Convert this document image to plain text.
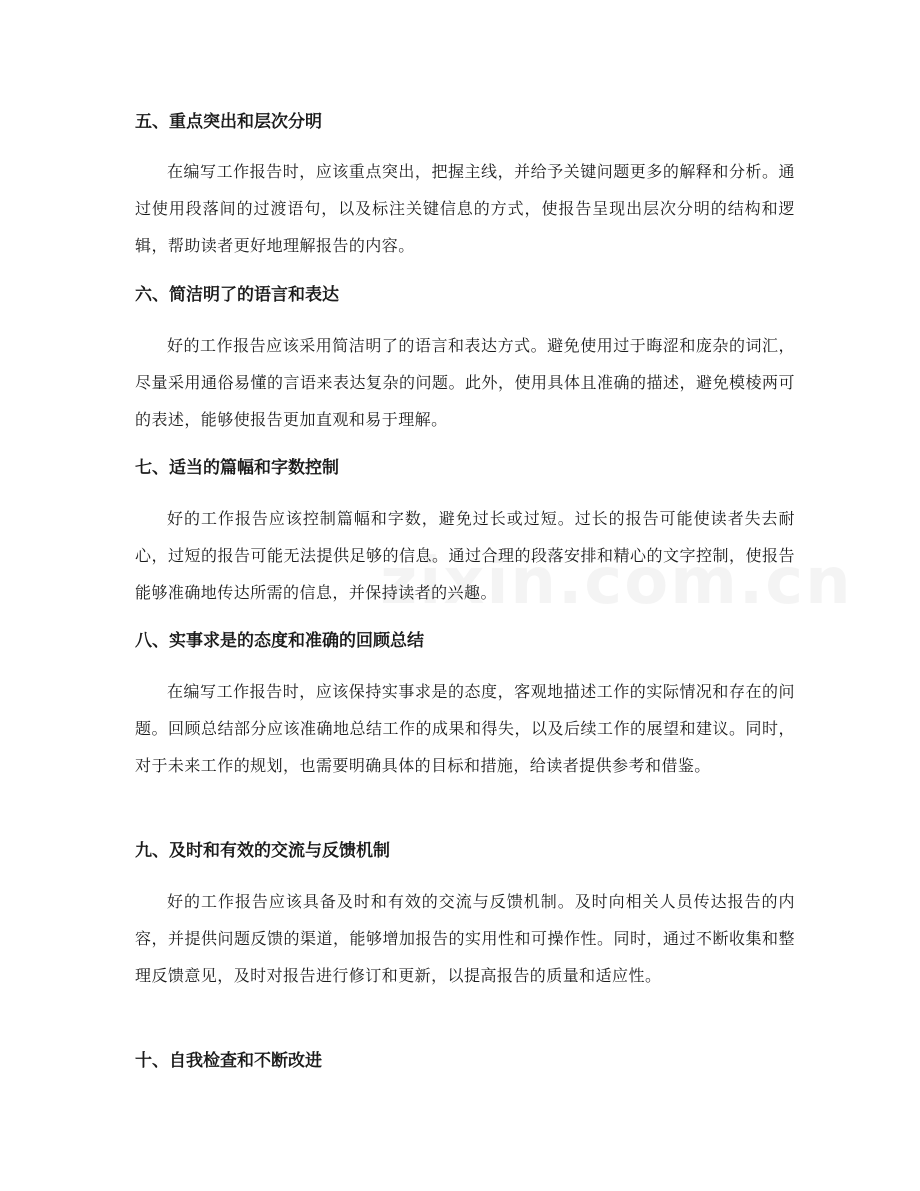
五、重点突出和层次分明

在编写工作报告时，应该重点突出，把握主线，并给予关键问题更多的解释和分析。通过使用段落间的过渡语句，以及标注关键信息的方式，使报告呈现出层次分明的结构和逻辑，帮助读者更好地理解报告的内容。

六、简洁明了的语言和表达

好的工作报告应该采用简洁明了的语言和表达方式。避免使用过于晦涩和庞杂的词汇，尽量采用通俗易懂的言语来表达复杂的问题。此外，使用具体且准确的描述，避免模棱两可的表述，能够使报告更加直观和易于理解。

七、适当的篇幅和字数控制

好的工作报告应该控制篇幅和字数，避免过长或过短。过长的报告可能使读者失去耐心，过短的报告可能无法提供足够的信息。通过合理的段落安排和精心的文字控制，使报告能够准确地传达所需的信息，并保持读者的兴趣。

八、实事求是的态度和准确的回顾总结

在编写工作报告时，应该保持实事求是的态度，客观地描述工作的实际情况和存在的问题。回顾总结部分应该准确地总结工作的成果和得失，以及后续工作的展望和建议。同时，对于未来工作的规划，也需要明确具体的目标和措施，给读者提供参考和借鉴。

九、及时和有效的交流与反馈机制

好的工作报告应该具备及时和有效的交流与反馈机制。及时向相关人员传达报告的内容，并提供问题反馈的渠道，能够增加报告的实用性和可操作性。同时，通过不断收集和整理反馈意见，及时对报告进行修订和更新，以提高报告的质量和适应性。

十、自我检查和不断改进
